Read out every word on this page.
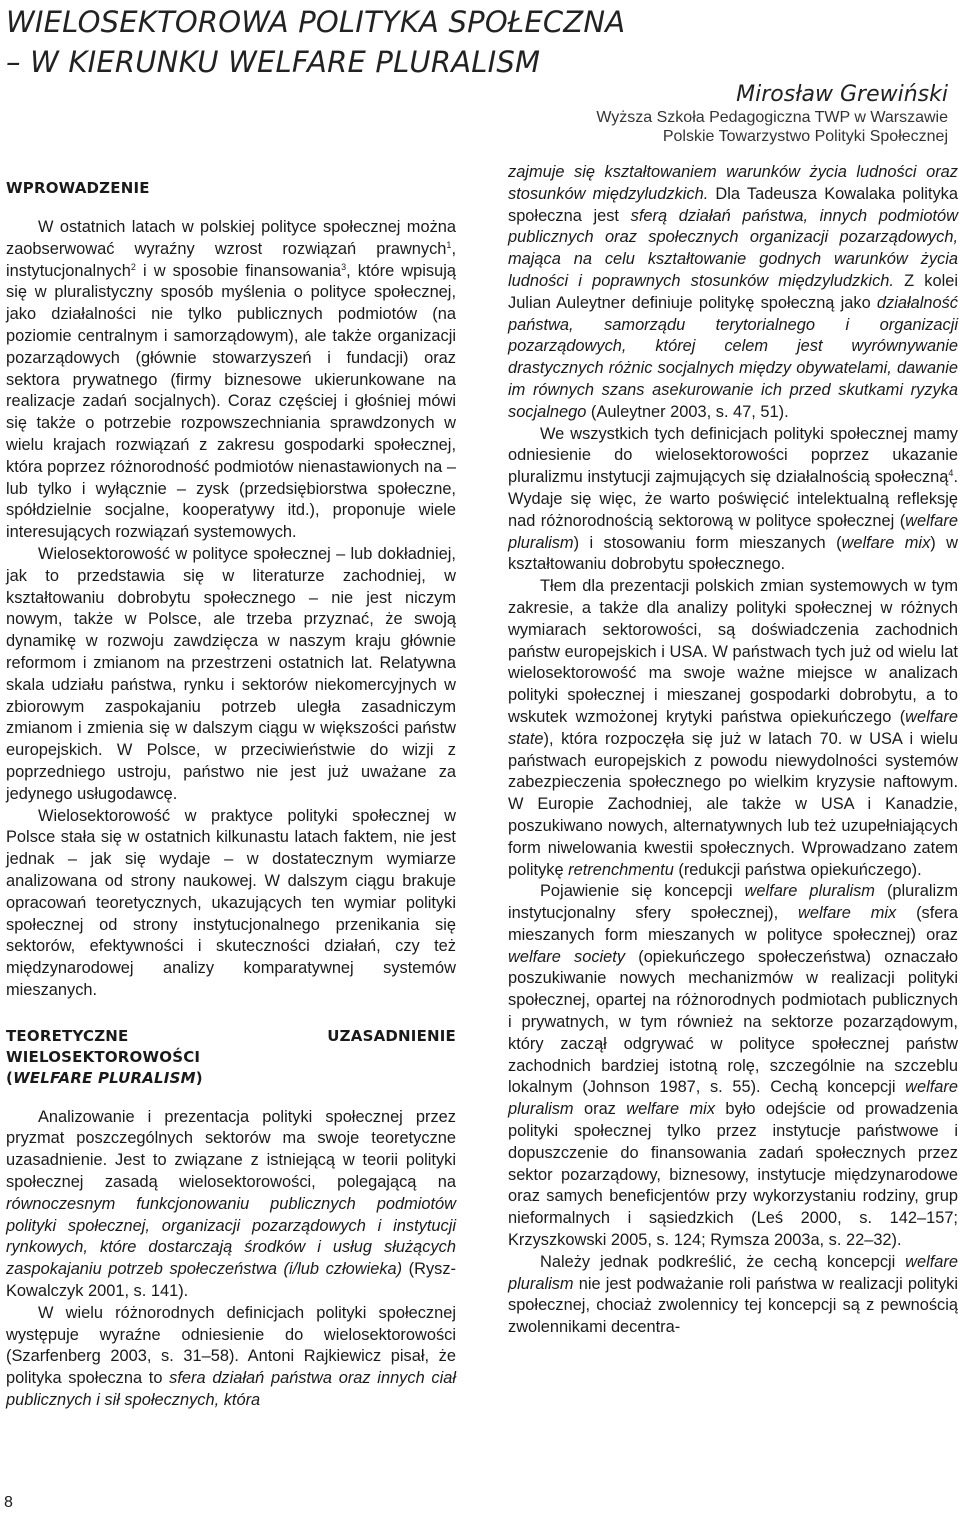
WIELOSEKTOROWA POLITYKA SPOŁECZNA
– W KIERUNKU WELFARE PLURALISM
Mirosław Grewiński
Wyższa Szkoła Pedagogiczna TWP w Warszawie
Polskie Towarzystwo Polityki Społecznej
WPROWADZENIE

W ostatnich latach w polskiej polityce społecznej można zaobserwować wyraźny wzrost rozwiązań prawnych$^1$, instytucjonalnych$^2$ i w sposobie finansowania$^3$, które wpisują się w pluralistyczny sposób myślenia o polityce społecznej, jako działalności nie tylko publicznych podmiotów (na poziomie centralnym i samorządowym), ale także organizacji pozarządowych (głównie stowarzyszeń i fundacji) oraz sektora prywatnego (firmy biznesowe ukierunkowane na realizacje zadań socjalnych). Coraz częściej i głośniej mówi się także o potrzebie rozpowszechniania sprawdzonych w wielu krajach rozwiązań z zakresu gospodarki społecznej, która poprzez różnorodność podmiotów nienastawionych na – lub tylko i wyłącznie – zysk (przedsiębiorstwa społeczne, spółdzielnie socjalne, kooperatywy itd.), proponuje wiele interesujących rozwiązań systemowych.

Wielosektorowość w polityce społecznej – lub dokładniej, jak to przedstawia się w literaturze zachodniej, w kształtowaniu dobrobytu społecznego – nie jest niczym nowym, także w Polsce, ale trzeba przyznać, że swoją dynamikę w rozwoju zawdzięcza w naszym kraju głównie reformom i zmianom na przestrzeni ostatnich lat. Relatywna skala udziału państwa, rynku i sektorów niekomercyjnych w zbiorowym zaspokajaniu potrzeb uległa zasadniczym zmianom i zmienia się w dalszym ciągu w większości państw europejskich. W Polsce, w przeciwieństwie do wizji z poprzedniego ustroju, państwo nie jest już uważane za jedynego usługodawcę.

Wielosektorowość w praktyce polityki społecznej w Polsce stała się w ostatnich kilkunastu latach faktem, nie jest jednak – jak się wydaje – w dostatecznym wymiarze analizowana od strony naukowej. W dalszym ciągu brakuje opracowań teoretycznych, ukazujących ten wymiar polityki społecznej od strony instytucjonalnego przenikania się sektorów, efektywności i skuteczności działań, czy też międzynarodowej analizy komparatywnej systemów mieszanych.

TEORETYCZNE UZASADNIENIE WIELOSEKTOROWOŚCI
(WELFARE PLURALISM)

Analizowanie i prezentacja polityki społecznej przez pryzmat poszczególnych sektorów ma swoje teoretyczne uzasadnienie. Jest to związane z istniejącą w teorii polityki społecznej zasadą wielosektorowości, polegającą na równoczesnym funkcjonowaniu publicznych podmiotów polityki społecznej, organizacji pozarządowych i instytucji rynkowych, które dostarczają środków i usług służących zaspokajaniu potrzeb społeczeństwa (i/lub człowieka) (Rysz-Kowalczyk 2001, s. 141).

W wielu różnorodnych definicjach polityki społecznej występuje wyraźne odniesienie do wielosektorowości (Szarfenberg 2003, s. 31–58). Antoni Rajkiewicz pisał, że polityka społeczna to sfera działań państwa oraz innych ciał publicznych i sił społecznych, która

zajmuje się kształtowaniem warunków życia ludności oraz stosunków międzyludzkich. Dla Tadeusza Kowalaka polityka społeczna jest sferą działań państwa, innych podmiotów publicznych oraz społecznych organizacji pozarządowych, mająca na celu kształtowanie godnych warunków życia ludności i poprawnych stosunków międzyludzkich. Z kolei Julian Auleytner definiuje politykę społeczną jako działalność państwa, samorządu terytorialnego i organizacji pozarządowych, której celem jest wyrównywanie drastycznych różnic socjalnych między obywatelami, dawanie im równych szans asekurowanie ich przed skutkami ryzyka socjalnego (Auleytner 2003, s. 47, 51).

We wszystkich tych definicjach polityki społecznej mamy odniesienie do wielosektorowości poprzez ukazanie pluralizmu instytucji zajmujących się działalnością społeczną$^4$. Wydaje się więc, że warto poświęcić intelektualną refleksję nad różnorodnością sektorową w polityce społecznej (welfare pluralism) i stosowaniu form mieszanych (welfare mix) w kształtowaniu dobrobytu społecznego.

Tłem dla prezentacji polskich zmian systemowych w tym zakresie, a także dla analizy polityki społecznej w różnych wymiarach sektorowości, są doświadczenia zachodnich państw europejskich i USA. W państwach tych już od wielu lat wielosektorowość ma swoje ważne miejsce w analizach polityki społecznej i mieszanej gospodarki dobrobytu, a to wskutek wzmożonej krytyki państwa opiekuńczego (welfare state), która rozpoczęła się już w latach 70. w USA i wielu państwach europejskich z powodu niewydolności systemów zabezpieczenia społecznego po wielkim kryzysie naftowym. W Europie Zachodniej, ale także w USA i Kanadzie, poszukiwano nowych, alternatywnych lub też uzupełniających form niwelowania kwestii społecznych. Wprowadzano zatem politykę retrenchmentu (redukcji państwa opiekuńczego).

Pojawienie się koncepcji welfare pluralism (pluralizm instytucjonalny sfery społecznej), welfare mix (sfera mieszanych form mieszanych w polityce społecznej) oraz welfare society (opiekuńczego społeczeństwa) oznaczało poszukiwanie nowych mechanizmów w realizacji polityki społecznej, opartej na różnorodnych podmiotach publicznych i prywatnych, w tym również na sektorze pozarządowym, który zaczął odgrywać w polityce społecznej państw zachodnich bardziej istotną rolę, szczególnie na szczeblu lokalnym (Johnson 1987, s. 55). Cechą koncepcji welfare pluralism oraz welfare mix było odejście od prowadzenia polityki społecznej tylko przez instytucje państwowe i dopuszczenie do finansowania zadań społecznych przez sektor pozarządowy, biznesowy, instytucje międzynarodowe oraz samych beneficjentów przy wykorzystaniu rodziny, grup nieformalnych i sąsiedzkich (Leś 2000, s. 142–157; Krzyszkowski 2005, s. 124; Rymsza 2003a, s. 22–32).

Należy jednak podkreślić, że cechą koncepcji welfare pluralism nie jest podważanie roli państwa w realizacji polityki społecznej, chociaż zwolennicy tej koncepcji są z pewnością zwolennikami decentra-

8
